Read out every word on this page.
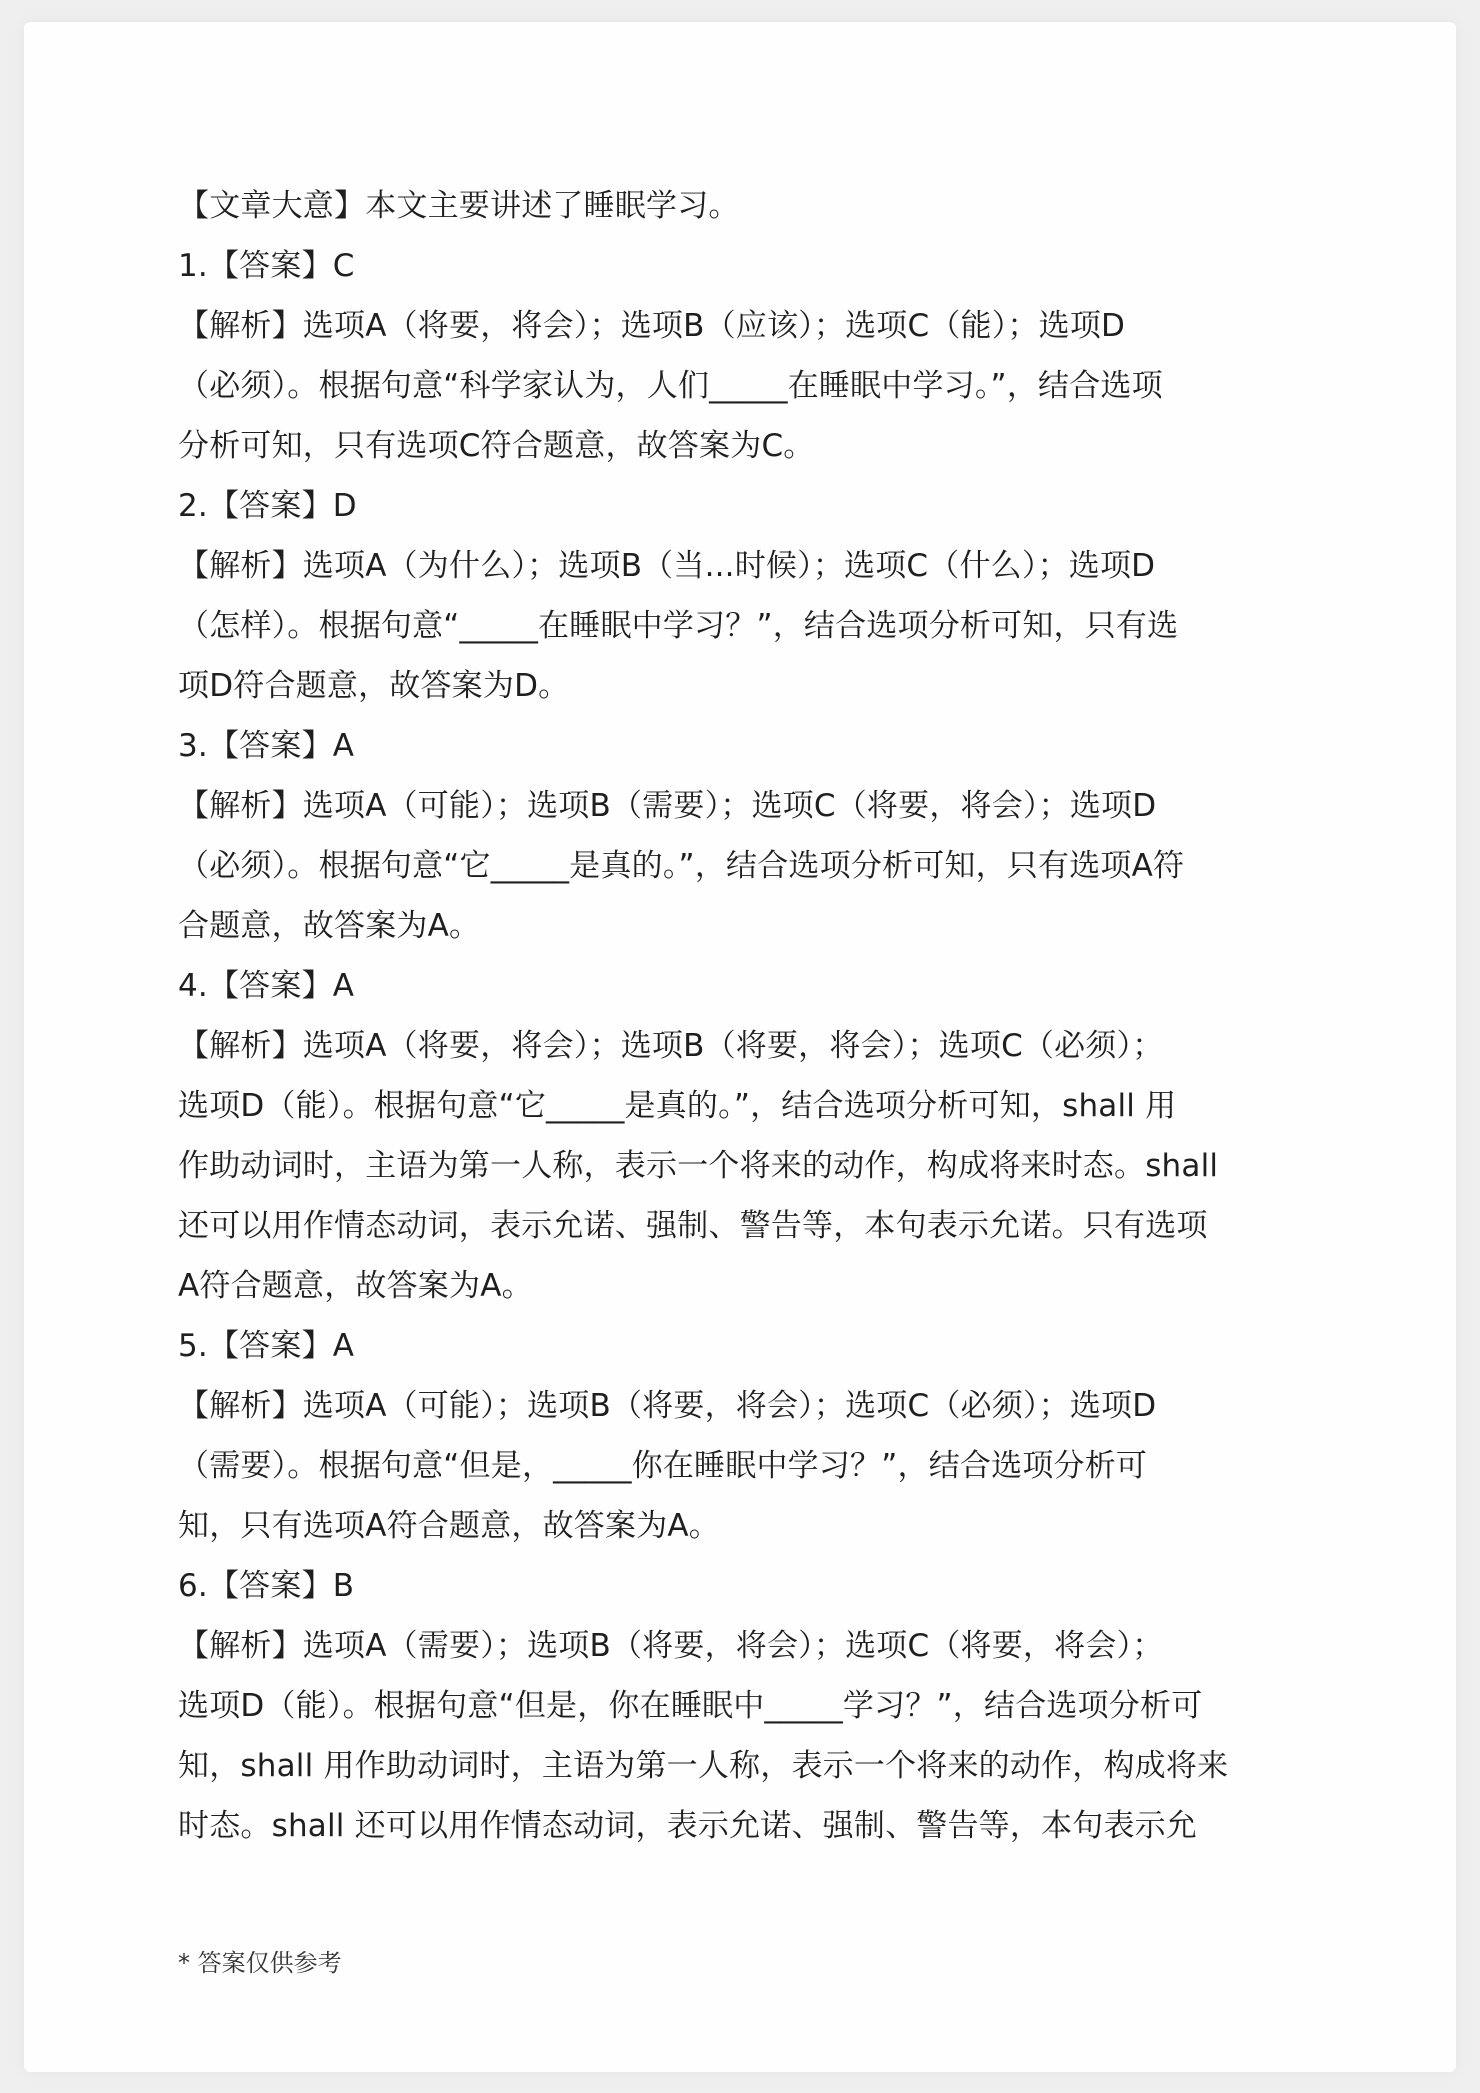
【文章大意】本文主要讲述了睡眠学习。
1.【答案】C
【解析】选项A（将要，将会）；选项B（应该）；选项C（能）；选项D
（必须）。根据句意“科学家认为，人们_____在睡眠中学习。”，结合选项
分析可知，只有选项C符合题意，故答案为C。
2.【答案】D
【解析】选项A（为什么）；选项B（当...时候）；选项C（什么）；选项D
（怎样）。根据句意“_____在睡眠中学习？”，结合选项分析可知，只有选
项D符合题意，故答案为D。
3.【答案】A
【解析】选项A（可能）；选项B（需要）；选项C（将要，将会）；选项D
（必须）。根据句意“它_____是真的。”，结合选项分析可知，只有选项A符
合题意，故答案为A。
4.【答案】A
【解析】选项A（将要，将会）；选项B（将要，将会）；选项C（必须）；
选项D（能）。根据句意“它_____是真的。”，结合选项分析可知，shall 用
作助动词时，主语为第一人称，表示一个将来的动作，构成将来时态。shall
还可以用作情态动词，表示允诺、强制、警告等，本句表示允诺。只有选项
A符合题意，故答案为A。
5.【答案】A
【解析】选项A（可能）；选项B（将要，将会）；选项C（必须）；选项D
（需要）。根据句意“但是，_____你在睡眠中学习？”，结合选项分析可
知，只有选项A符合题意，故答案为A。
6.【答案】B
【解析】选项A（需要）；选项B（将要，将会）；选项C（将要，将会）；
选项D（能）。根据句意“但是，你在睡眠中_____学习？”，结合选项分析可
知，shall 用作助动词时，主语为第一人称，表示一个将来的动作，构成将来
时态。shall 还可以用作情态动词，表示允诺、强制、警告等，本句表示允
* 答案仅供参考
